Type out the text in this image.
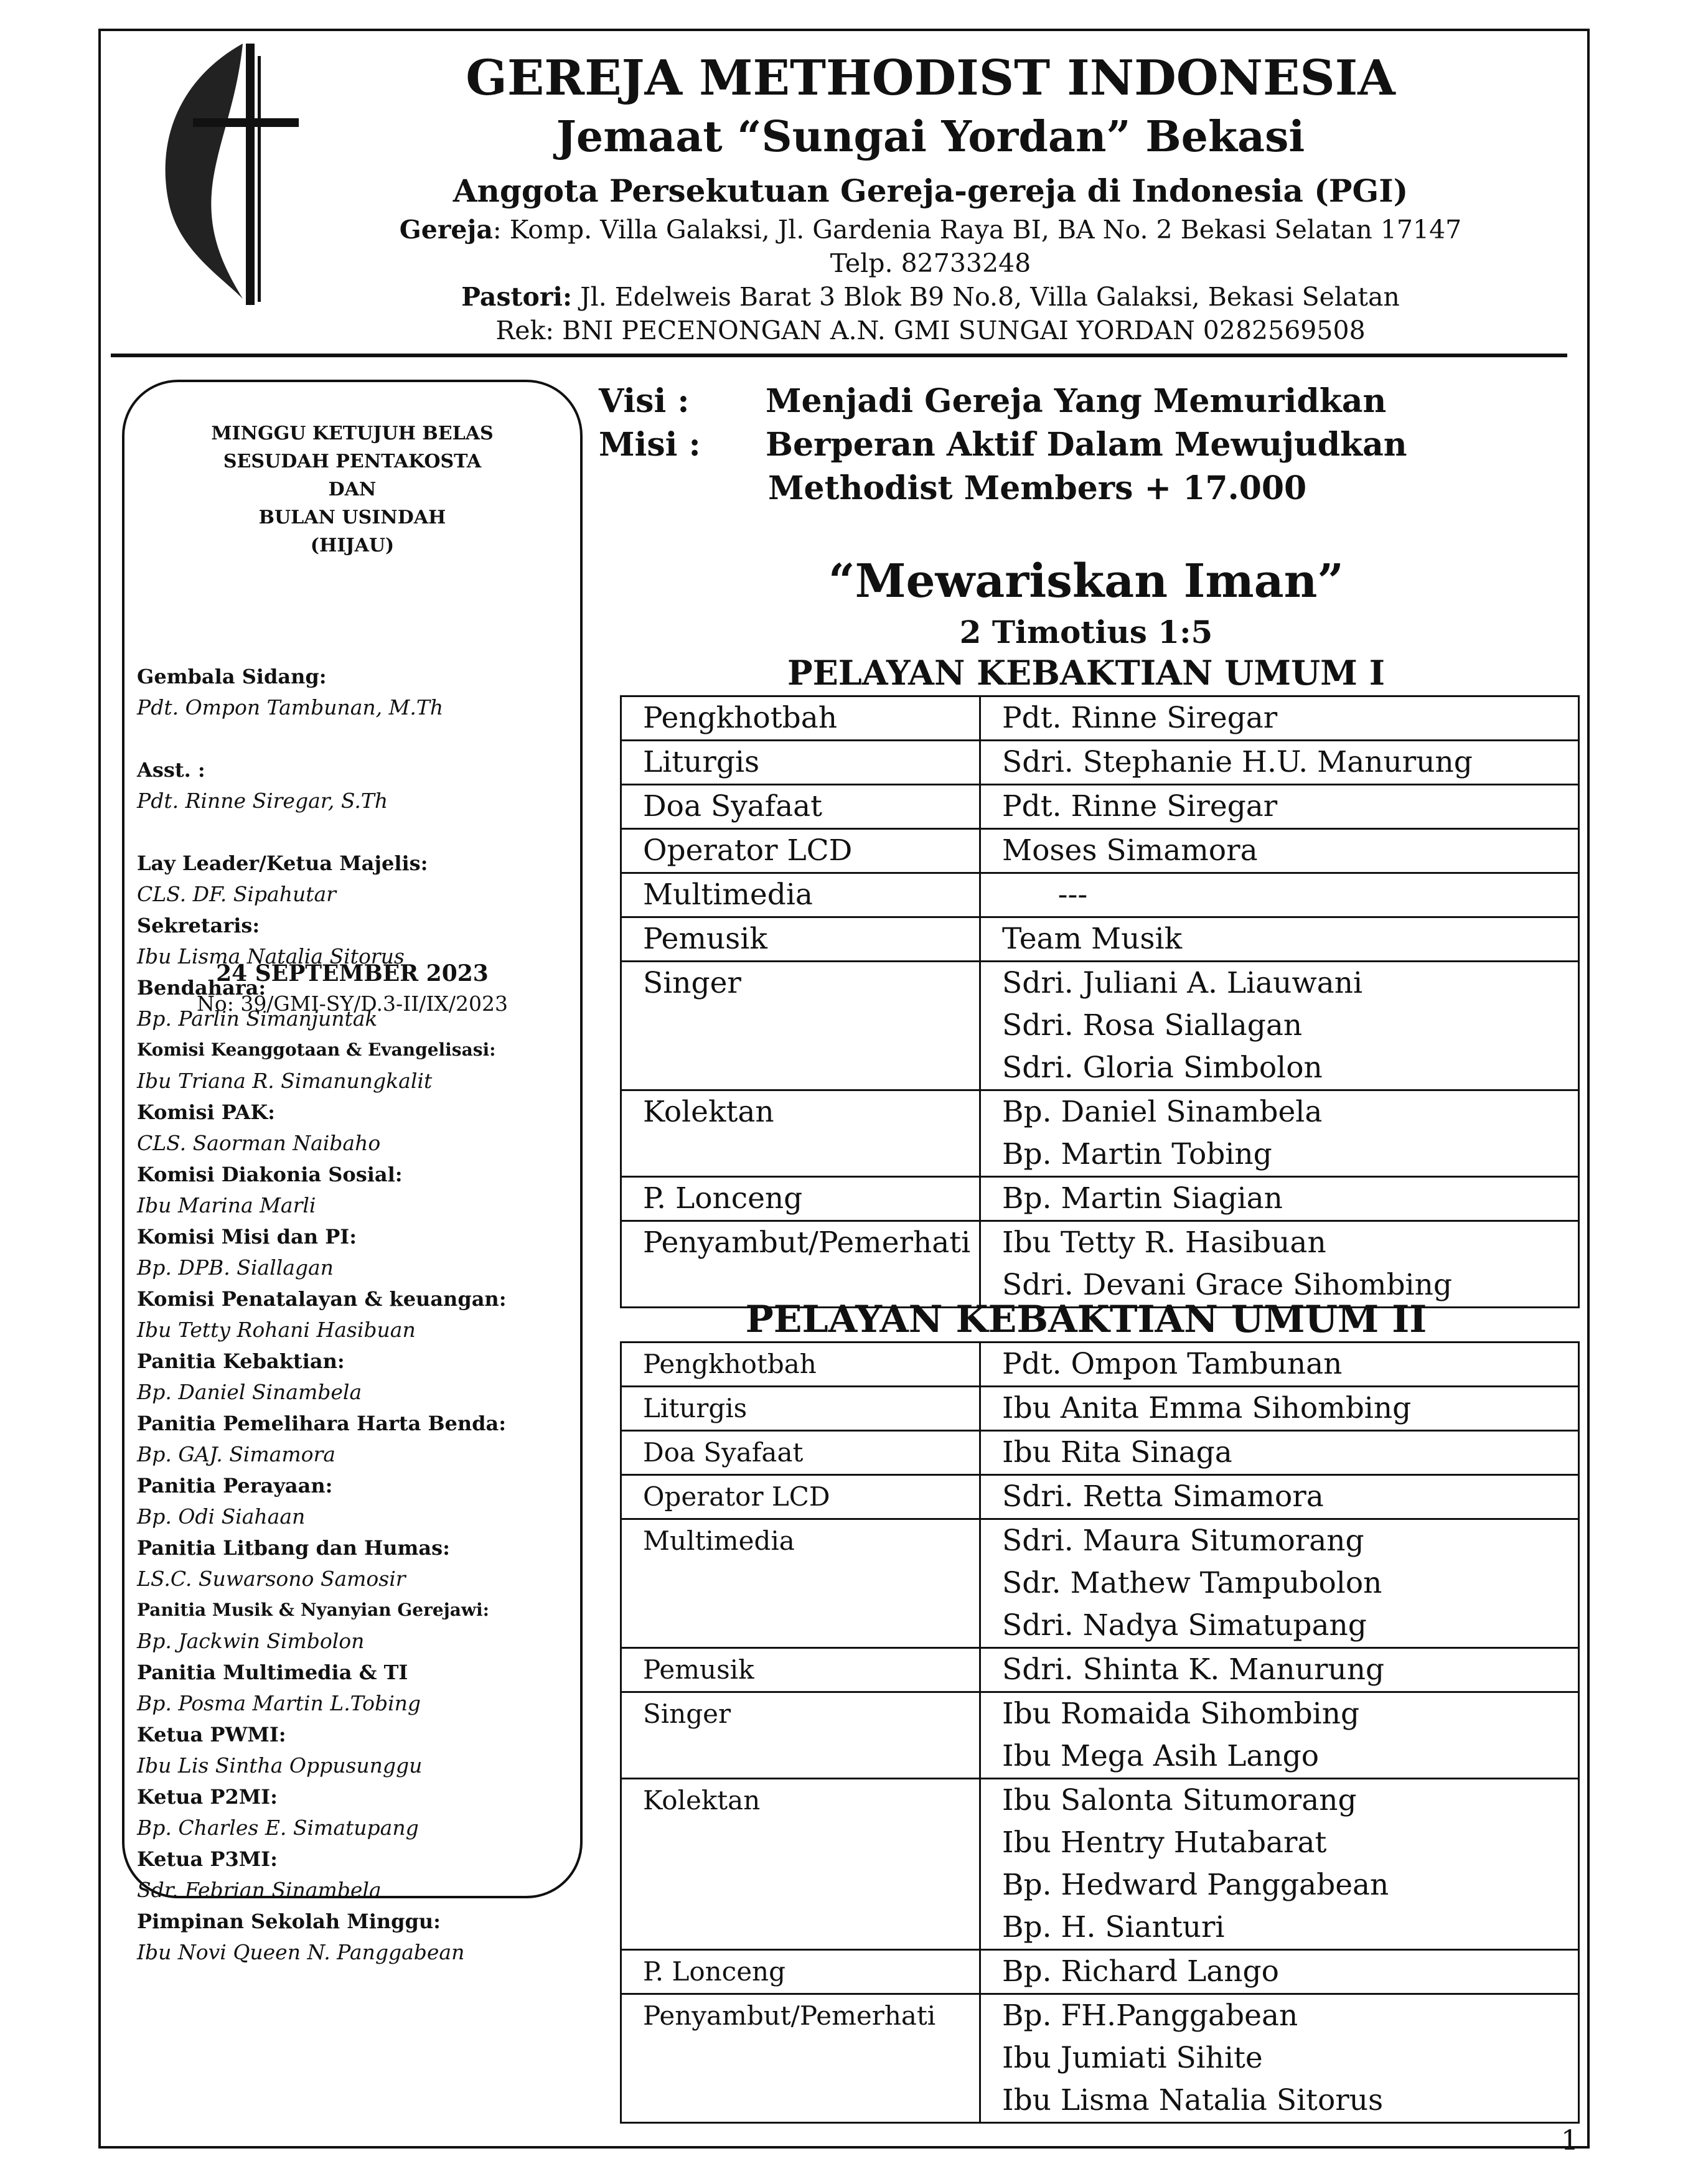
GEREJA METHODIST INDONESIA
Jemaat “Sungai Yordan” Bekasi
Anggota Persekutuan Gereja-gereja di Indonesia (PGI)
Gereja: Komp. Villa Galaksi, Jl. Gardenia Raya BI, BA No. 2 Bekasi Selatan 17147
Telp. 82733248
Pastori: Jl. Edelweis Barat 3 Blok B9 No.8, Villa Galaksi, Bekasi Selatan
Rek: BNI PECENONGAN A.N. GMI SUNGAI YORDAN 0282569508
MINGGU KETUJUH BELAS
SESUDAH PENTAKOSTA
DAN
BULAN USINDAH
(HIJAU)
24 SEPTEMBER 2023
No: 39/GMI-SY/D.3-II/IX/2023
Gembala Sidang:
Pdt. Ompon Tambunan, M.Th
Asst. :
Pdt. Rinne Siregar, S.Th
Lay Leader/Ketua Majelis:
CLS. DF. Sipahutar
Sekretaris:
Ibu Lisma Natalia Sitorus
Bendahara:
Bp. Parlin Simanjuntak
Komisi Keanggotaan & Evangelisasi:
Ibu Triana R. Simanungkalit
Komisi PAK:
CLS. Saorman Naibaho
Komisi Diakonia Sosial:
Ibu Marina Marli
Komisi Misi dan PI:
Bp. DPB. Siallagan
Komisi Penatalayan & keuangan:
Ibu Tetty Rohani Hasibuan
Panitia Kebaktian:
Bp. Daniel Sinambela
Panitia Pemelihara Harta Benda:
Bp. GAJ. Simamora
Panitia Perayaan:
Bp. Odi Siahaan
Panitia Litbang dan Humas:
LS.C. Suwarsono Samosir
Panitia Musik & Nyanyian Gerejawi:
Bp. Jackwin Simbolon
Panitia Multimedia & TI
Bp. Posma Martin L.Tobing
Ketua PWMI:
Ibu Lis Sintha Oppusunggu
Ketua P2MI:
Bp. Charles E. Simatupang
Ketua P3MI:
Sdr. Febrian Sinambela
Pimpinan Sekolah Minggu:
Ibu Novi Queen N. Panggabean
Visi :	Menjadi Gereja Yang Memuridkan
Misi :	Berperan Aktif Dalam Mewujudkan
Methodist Members + 17.000
“Mewariskan Iman”
2 Timotius 1:5
PELAYAN KEBAKTIAN UMUM I
Pengkhotbah	Pdt. Rinne Siregar

Liturgis	Sdri. Stephanie H.U. Manurung

Doa Syafaat	Pdt. Rinne Siregar

Operator LCD	Moses Simamora

Multimedia	---

Pemusik	Team Musik

Singer	Sdri. Juliani A. Liauwani
Sdri. Rosa Siallagan
Sdri. Gloria Simbolon

Kolektan	Bp. Daniel Sinambela
Bp. Martin Tobing

P. Lonceng	Bp. Martin Siagian

Penyambut/Pemerhati	Ibu Tetty R. Hasibuan
Sdri. Devani Grace Sihombing
PELAYAN KEBAKTIAN UMUM II
Pengkhotbah	Pdt. Ompon Tambunan

Liturgis	Ibu Anita Emma Sihombing

Doa Syafaat	Ibu Rita Sinaga

Operator LCD	Sdri. Retta Simamora

Multimedia	Sdri. Maura Situmorang
Sdr. Mathew Tampubolon
Sdri. Nadya Simatupang

Pemusik	Sdri. Shinta K. Manurung

Singer	Ibu Romaida Sihombing
Ibu Mega Asih Lango

Kolektan	Ibu Salonta Situmorang
Ibu Hentry Hutabarat
Bp. Hedward Panggabean
Bp. H. Sianturi

P. Lonceng	Bp. Richard Lango

Penyambut/Pemerhati	Bp. FH.Panggabean
Ibu Jumiati Sihite
Ibu Lisma Natalia Sitorus
1
